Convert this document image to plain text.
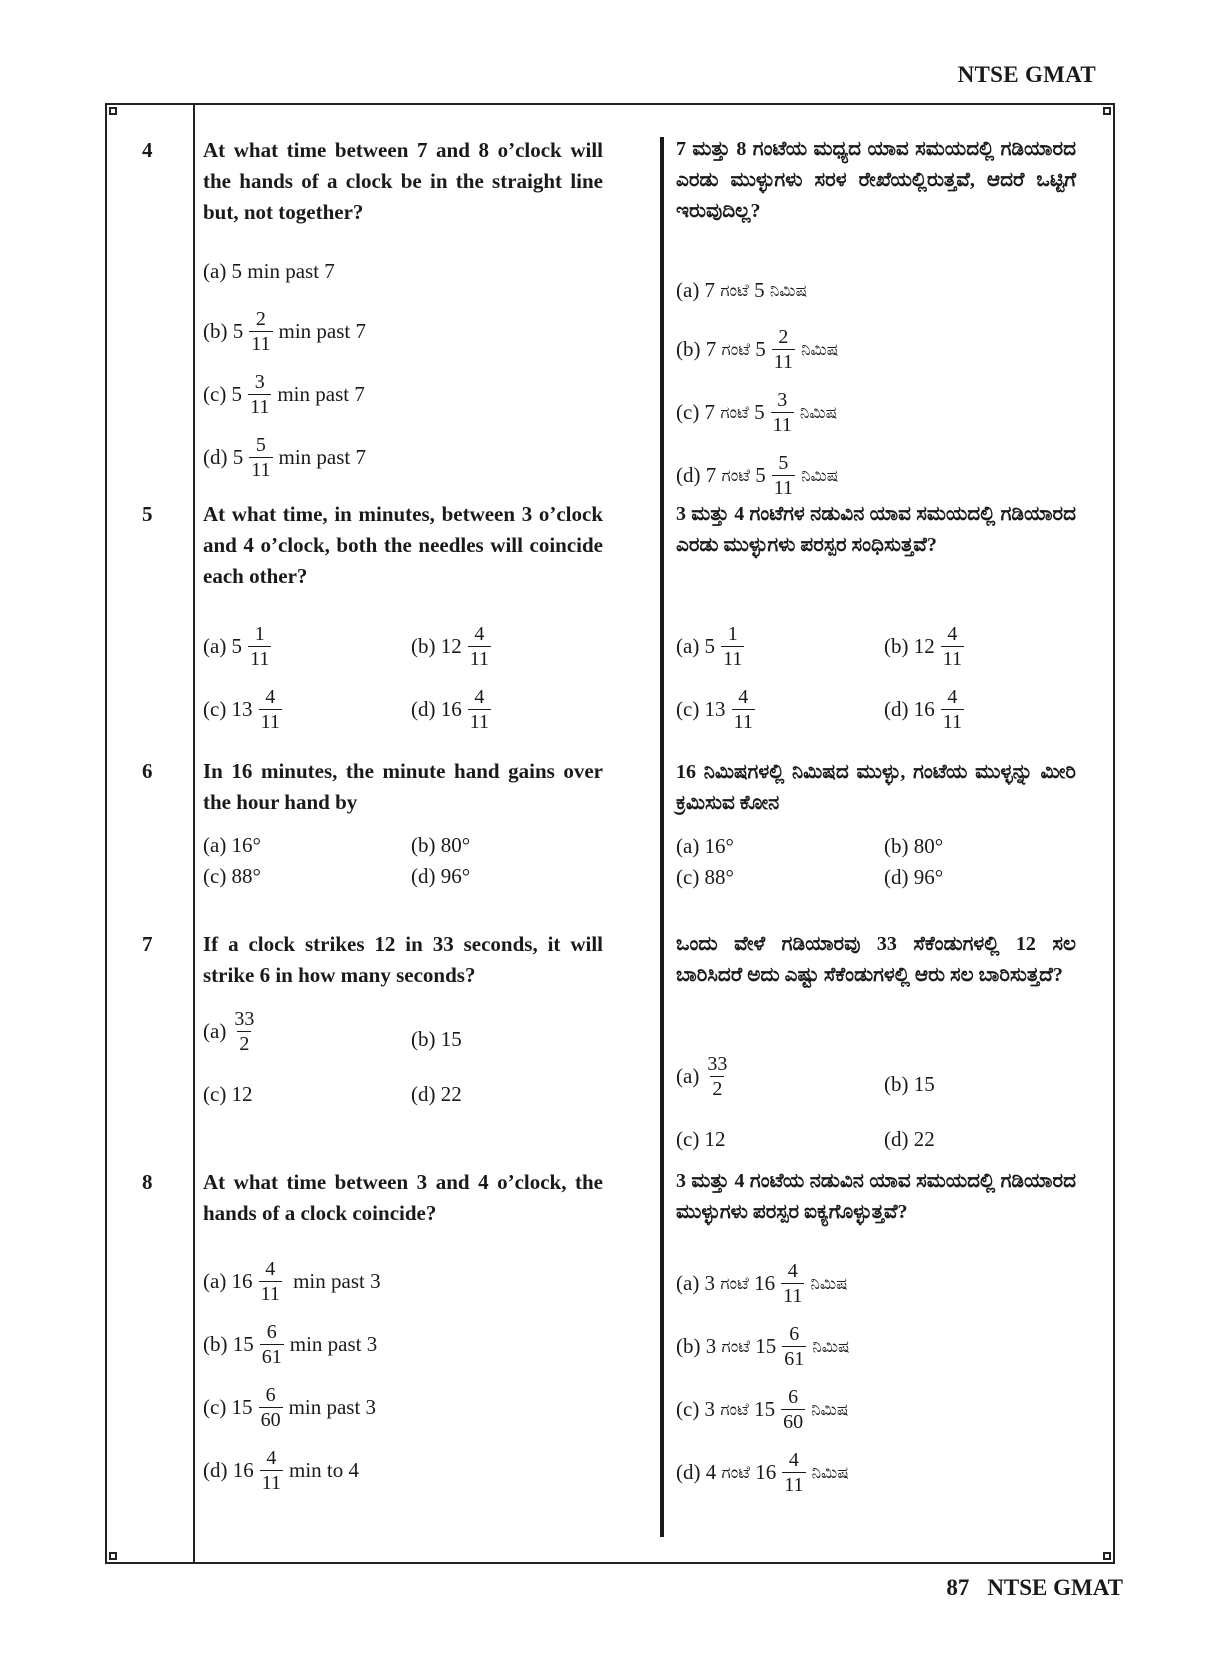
NTSE GMAT
4 At what time between 7 and 8 o’clock will the hands of a clock be in the straight line but, not together?
7 ಮತ್ತು 8 ಗಂಟೆಯ ಮಧ್ಯದ ಯಾವ ಸಮಯದಲ್ಲಿ ಗಡಿಯಾರದ ಎರಡು ಮುಳ್ಳುಗಳು ಸರಳ ರೇಖೆಯಲ್ಲಿರುತ್ತವೆ, ಆದರೆ ಒಟ್ಟಿಗೆ ಇರುವುದಿಲ್ಲ?
(a) 5 min past 7
(b) $5 \frac{2}{11}$ min past 7
(c) $5 \frac{3}{11}$ min past 7
(d) $5 \frac{5}{11}$ min past 7
(a) 7
ಗಂಟೆ
5
ನಿಮಿಷ
(b) 7
ಗಂಟೆ
$5 \frac{2}{11}$ ನಿಮಿಷ
(c) 7
ಗಂಟೆ
$5 \frac{3}{11}$ ನಿಮಿಷ
(d) 7
ಗಂಟೆ
$5 \frac{5}{11}$ ನಿಮಿಷ
5 At what time, in minutes, between 3 o’clock and 4 o’clock, both the needles will coincide each other?
3 ಮತ್ತು 4 ಗಂಟೆಗಳ ನಡುವಿನ ಯಾವ ಸಮಯದಲ್ಲಿ ಗಡಿಯಾರದ ಎರಡು ಮುಳ್ಳುಗಳು ಪರಸ್ಪರ ಸಂಧಿಸುತ್ತವೆ?
(a) $5 \frac{1}{11}$	(b) $12 \frac{4}{11}$
(c) $13 \frac{4}{11}$	(d) $16 \frac{4}{11}$
(a) $5 \frac{1}{11}$	(b) $12 \frac{4}{11}$
(c) $13 \frac{4}{11}$	(d) $16 \frac{4}{11}$
6 In 16 minutes, the minute hand gains over the hour hand by
16 ನಿಮಿಷಗಳಲ್ಲಿ ನಿಮಿಷದ ಮುಳ್ಳು, ಗಂಟೆಯ ಮುಳ್ಳನ್ನು ಮೀರಿ ಕ್ರಮಿಸುವ ಕೋನ
(a) 16°	(b) 80°
(c) 88°	(d) 96°
(a) 16°	(b) 80°
(c) 88°	(d) 96°
7 If a clock strikes 12 in 33 seconds, it will strike 6 in how many seconds?
ಒಂದು ವೇಳೆ ಗಡಿಯಾರವು 33 ಸೆಕೆಂಡುಗಳಲ್ಲಿ 12 ಸಲ ಬಾರಿಸಿದರೆ ಅದು ಎಷ್ಟು ಸೆಕೆಂಡುಗಳಲ್ಲಿ ಆರು ಸಲ ಬಾರಿಸುತ್ತದೆ?
$(a) \frac{33}{2}$	(b) 15
(c) 12	(d) 22
$(a) \frac{33}{2}$	(b) 15
(c) 12	(d) 22
8 At what time between 3 and 4 o’clock, the hands of a clock coincide?
3 ಮತ್ತು 4 ಗಂಟೆಯ ನಡುವಿನ ಯಾವ ಸಮಯದಲ್ಲಿ ಗಡಿಯಾರದ ಮುಳ್ಳುಗಳು ಪರಸ್ಪರ ಐಕ್ಯಗೊಳ್ಳುತ್ತವೆ?
(a) $16 \frac{4}{11}$
min past 3
(b) $15 \frac{6}{61}$ min past 3
(c) $15 \frac{6}{60}$ min past 3
(d) $16 \frac{4}{11}$ min to 4
(a) 3
ಗಂಟೆ
$16 \frac{4}{11}$ ನಿಮಿಷ
(b) 3
ಗಂಟೆ
$15 \frac{6}{61}$ ನಿಮಿಷ
(c) 3
ಗಂಟೆ
$15 \frac{6}{60}$ ನಿಮಿಷ
(d) 4
ಗಂಟೆ
$16 \frac{4}{11}$ ನಿಮಿಷ
87 NTSE GMAT
